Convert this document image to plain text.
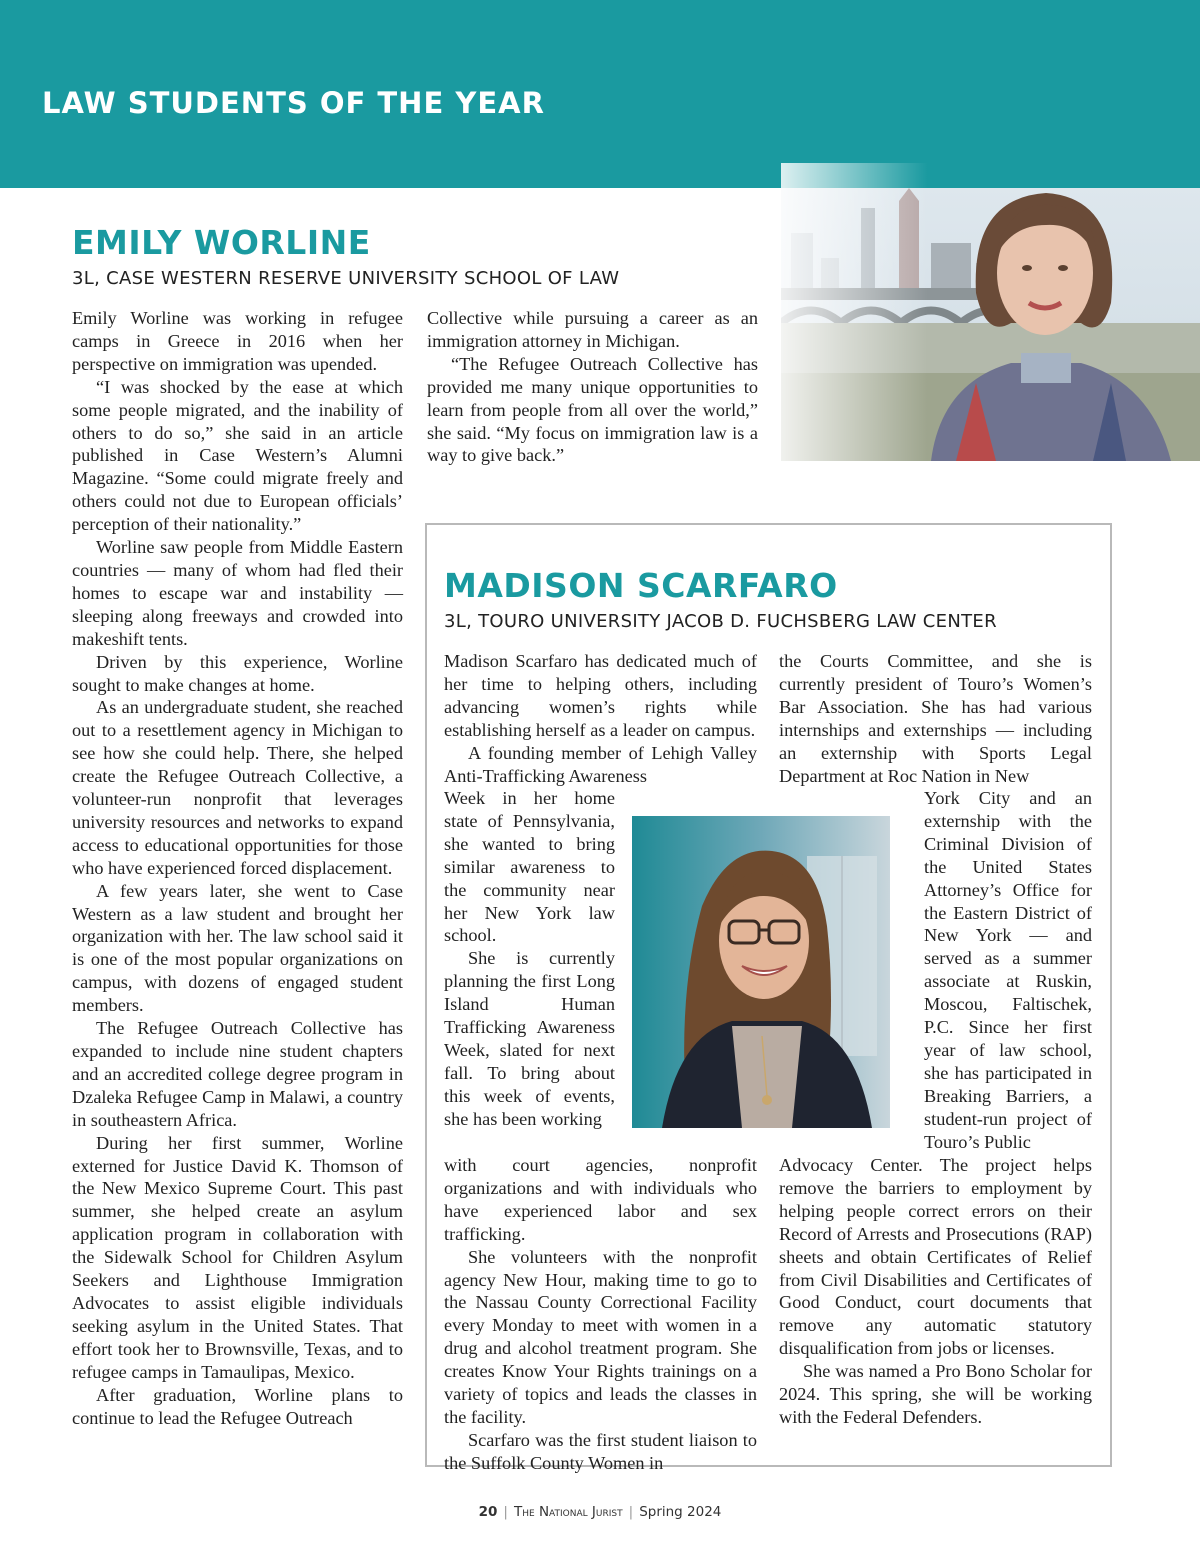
LAW STUDENTS OF THE YEAR
EMILY WORLINE

3L, CASE WESTERN RESERVE UNIVERSITY SCHOOL OF LAW

Emily Worline was working in refugee camps in Greece in 2016 when her perspective on immigration was upended.

“I was shocked by the ease at which some people migrated, and the inability of others to do so,” she said in an article published in Case Western’s Alumni Magazine. “Some could migrate freely and others could not due to European officials’ perception of their nationality.”

Worline saw people from Middle Eastern countries — many of whom had fled their homes to escape war and instability — sleeping along freeways and crowded into makeshift tents.

Driven by this experience, Worline sought to make changes at home.

As an undergraduate student, she reached out to a resettlement agency in Michigan to see how she could help. There, she helped create the Refugee Outreach Collective, a volunteer-run nonprofit that leverages university resources and networks to expand access to educational opportunities for those who have experienced forced displacement.

A few years later, she went to Case Western as a law student and brought her organization with her. The law school said it is one of the most popular organizations on campus, with dozens of engaged student members.

The Refugee Outreach Collective has expanded to include nine student chapters and an accredited college degree program in Dzaleka Refugee Camp in Malawi, a country in southeastern Africa.

During her first summer, Worline externed for Justice David K. Thomson of the New Mexico Supreme Court. This past summer, she helped create an asylum application program in collaboration with the Sidewalk School for Children Asylum Seekers and Lighthouse Immigration Advocates to assist eligible individuals seeking asylum in the United States. That effort took her to Brownsville, Texas, and to refugee camps in Tamaulipas, Mexico.

After graduation, Worline plans to continue to lead the Refugee Outreach

Collective while pursuing a career as an immigration attorney in Michigan.

“The Refugee Outreach Collective has provided me many unique opportunities to learn from people from all over the world,” she said. “My focus on immigration law is a way to give back.”

MADISON SCARFARO

3L, TOURO UNIVERSITY JACOB D. FUCHSBERG LAW CENTER

Madison Scarfaro has dedicated much of her time to helping others, including advancing women’s rights while establishing herself as a leader on campus.

A founding member of Lehigh Valley Anti-Trafficking Awareness

Week in her home state of Pennsylvania, she wanted to bring similar awareness to the community near her New York law school.

She is currently planning the first Long Island Human Trafficking Awareness Week, slated for next fall. To bring about this week of events, she has been working

with court agencies, nonprofit organizations and with individuals who have experienced labor and sex trafficking.

She volunteers with the nonprofit agency New Hour, making time to go to the Nassau County Correctional Facility every Monday to meet with women in a drug and alcohol treatment program. She creates Know Your Rights trainings on a variety of topics and leads the classes in the facility.

Scarfaro was the first student liaison to the Suffolk County Women in

the Courts Committee, and she is currently president of Touro’s Women’s Bar Association. She has had various internships and externships — including an externship with Sports Legal Department at Roc Nation in New

York City and an externship with the Criminal Division of the United States Attorney’s Office for the Eastern District of New York — and served as a summer associate at Ruskin, Moscou, Faltischek, P.C. Since her first year of law school, she has participated in Breaking Barriers, a student-run project of Touro’s Public

Advocacy Center. The project helps remove the barriers to employment by helping people correct errors on their Record of Arrests and Prosecutions (RAP) sheets and obtain Certificates of Relief from Civil Disabilities and Certificates of Good Conduct, court documents that remove any automatic statutory disqualification from jobs or licenses.

She was named a Pro Bono Scholar for 2024. This spring, she will be working with the Federal Defenders.

20 | The National Jurist | Spring 2024
